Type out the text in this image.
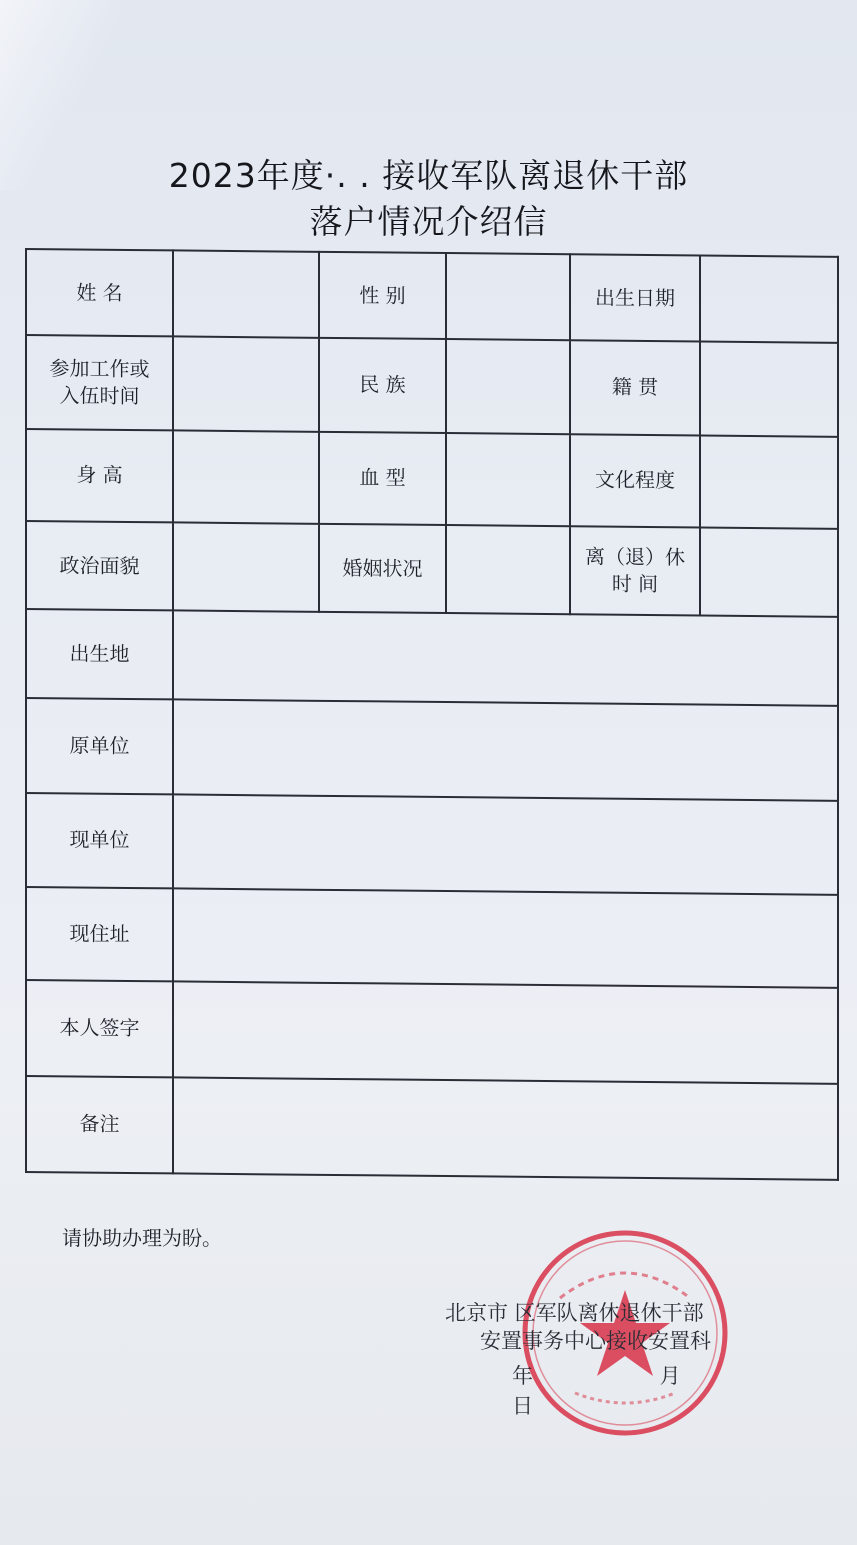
2023年度·. . 接收军队离退休干部
落户情况介绍信
姓 名		性 别		出生日期	
参加工作或
入伍时间		民 族		籍 贯	
身 高		血 型		文化程度	
政治面貌		婚姻状况		离（退）休
时 间	
出生地					
原单位					
现单位					
现住址					
本人签字					
备注					
请协助办理为盼。
北京市 区军队离休退休干部
安置事务中心接收安置科
年 月 日
